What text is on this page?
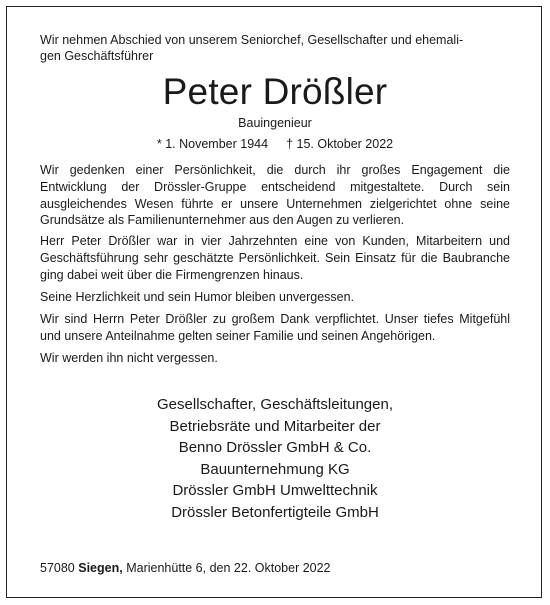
Wir nehmen Abschied von unserem Seniorchef, Gesellschafter und ehemali-
gen Geschäftsführer

Peter Drößler

Bauingenieur

* 1. November 1944 † 15. Oktober 2022

Wir gedenken einer Persönlichkeit, die durch ihr großes Engagement die Entwicklung der Drössler-Gruppe entscheidend mitgestaltete. Durch sein ausgleichendes Wesen führte er unsere Unternehmen zielgerichtet ohne seine Grundsätze als Familienunternehmer aus den Augen zu verlieren.

Herr Peter Drößler war in vier Jahrzehnten eine von Kunden, Mitarbeitern und Geschäftsführung sehr geschätzte Persönlichkeit. Sein Einsatz für die Baubranche ging dabei weit über die Firmengrenzen hinaus.

Seine Herzlichkeit und sein Humor bleiben unvergessen.

Wir sind Herrn Peter Drößler zu großem Dank verpflichtet. Unser tiefes Mitgefühl und unsere Anteilnahme gelten seiner Familie und seinen Angehörigen.

Wir werden ihn nicht vergessen.

Gesellschafter, Geschäftsleitungen,
Betriebsräte und Mitarbeiter der
Benno Drössler GmbH & Co.
Bauunternehmung KG
Drössler GmbH Umwelttechnik
Drössler Betonfertigteile GmbH

57080 Siegen, Marienhütte 6, den 22. Oktober 2022
